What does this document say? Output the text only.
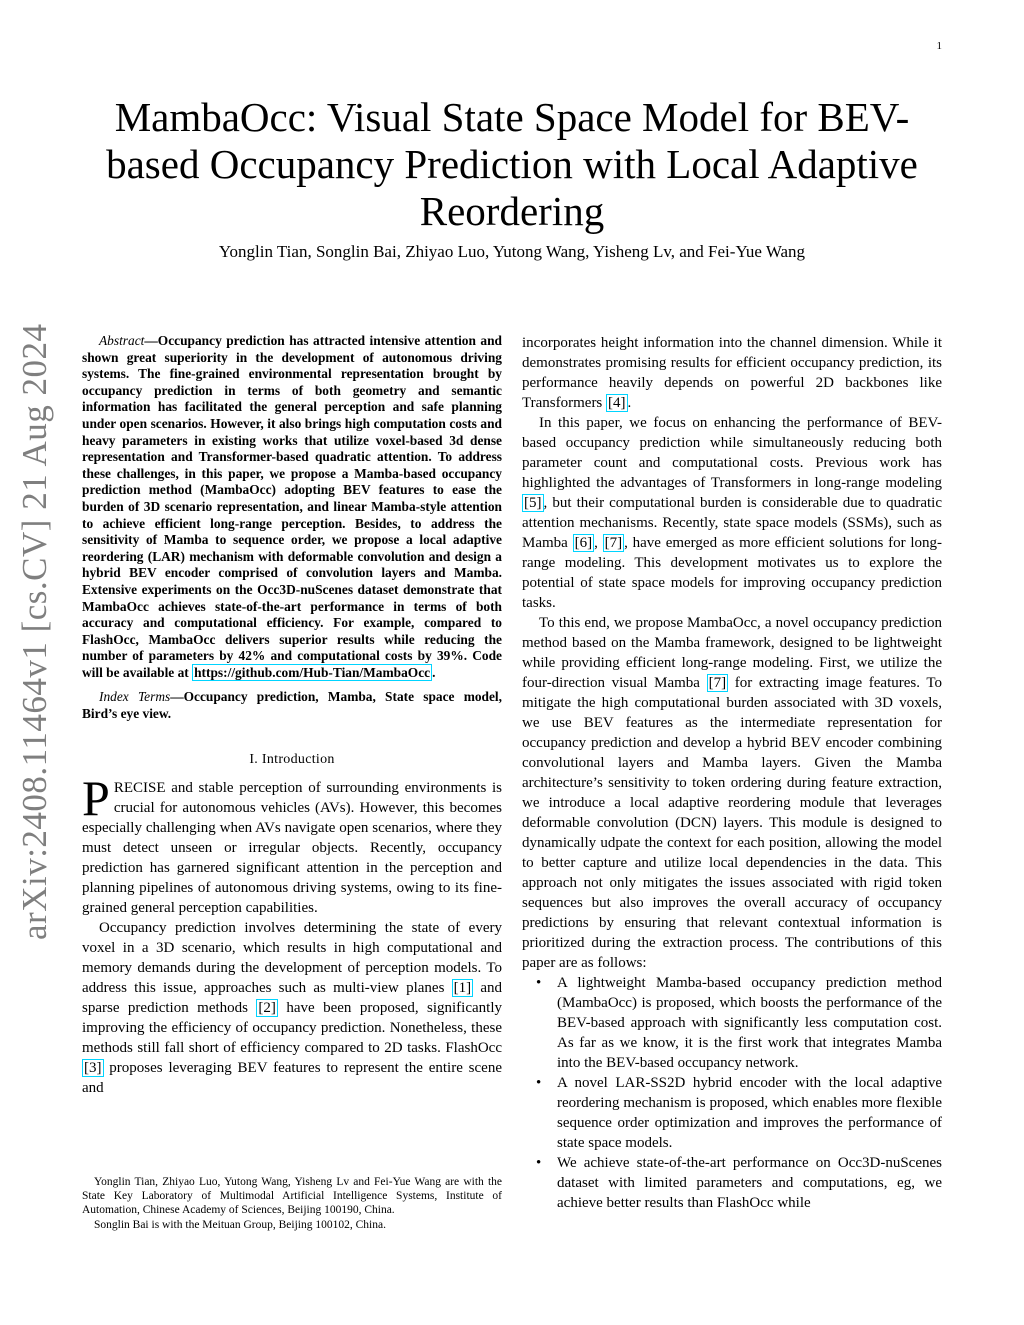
1
arXiv:2408.11464v1 [cs.CV] 21 Aug 2024
MambaOcc: Visual State Space Model for BEV-based Occupancy Prediction with Local Adaptive Reordering
Yonglin Tian, Songlin Bai, Zhiyao Luo, Yutong Wang, Yisheng Lv, and Fei-Yue Wang

Abstract—Occupancy prediction has attracted intensive attention and shown great superiority in the development of autonomous driving systems. The fine-grained environmental representation brought by occupancy prediction in terms of both geometry and semantic information has facilitated the general perception and safe planning under open scenarios. However, it also brings high computation costs and heavy parameters in existing works that utilize voxel-based 3d dense representation and Transformer-based quadratic attention. To address these challenges, in this paper, we propose a Mamba-based occupancy prediction method (MambaOcc) adopting BEV features to ease the burden of 3D scenario representation, and linear Mamba-style attention to achieve efficient long-range perception. Besides, to address the sensitivity of Mamba to sequence order, we propose a local adaptive reordering (LAR) mechanism with deformable convolution and design a hybrid BEV encoder comprised of convolution layers and Mamba. Extensive experiments on the Occ3D-nuScenes dataset demonstrate that MambaOcc achieves state-of-the-art performance in terms of both accuracy and computational efficiency. For example, compared to FlashOcc, MambaOcc delivers superior results while reducing the number of parameters by 42% and computational costs by 39%. Code will be available at https://github.com/Hub-Tian/MambaOcc .

Index Terms—Occupancy prediction, Mamba, State space model, Bird’s eye view.

I. Introduction

PRECISE and stable perception of surrounding environments is crucial for autonomous vehicles (AVs). However, this becomes especially challenging when AVs navigate open scenarios, where they must detect unseen or irregular objects. Recently, occupancy prediction has garnered significant attention in the perception and planning pipelines of autonomous driving systems, owing to its fine-grained general perception capabilities.

Occupancy prediction involves determining the state of every voxel in a 3D scenario, which results in high computational and memory demands during the development of perception models. To address this issue, approaches such as multi-view planes [1] and sparse prediction methods [2] have been proposed, significantly improving the efficiency of occupancy prediction. Nonetheless, these methods still fall short of efficiency compared to 2D tasks. FlashOcc [3] proposes leveraging BEV features to represent the entire scene and

incorporates height information into the channel dimension. While it demonstrates promising results for efficient occupancy prediction, its performance heavily depends on powerful 2D backbones like Transformers [4] .

In this paper, we focus on enhancing the performance of BEV-based occupancy prediction while simultaneously reducing both parameter count and computational costs. Previous work has highlighted the advantages of Transformers in long-range modeling [5] , but their computational burden is considerable due to quadratic attention mechanisms. Recently, state space models (SSMs), such as Mamba [6] , [7] , have emerged as more efficient solutions for long-range modeling. This development motivates us to explore the potential of state space models for improving occupancy prediction tasks.

To this end, we propose MambaOcc, a novel occupancy prediction method based on the Mamba framework, designed to be lightweight while providing efficient long-range modeling. First, we utilize the four-direction visual Mamba [7] for extracting image features. To mitigate the high computational burden associated with 3D voxels, we use BEV features as the intermediate representation for occupancy prediction and develop a hybrid BEV encoder combining convolutional layers and Mamba layers. Given the Mamba architecture’s sensitivity to token ordering during feature extraction, we introduce a local adaptive reordering module that leverages deformable convolution (DCN) layers. This module is designed to dynamically udpate the context for each position, allowing the model to better capture and utilize local dependencies in the data. This approach not only mitigates the issues associated with rigid token sequences but also improves the overall accuracy of occupancy predictions by ensuring that relevant contextual information is prioritized during the extraction process. The contributions of this paper are as follows:

• A lightweight Mamba-based occupancy prediction method (MambaOcc) is proposed, which boosts the performance of the BEV-based approach with significantly less computation cost. As far as we know, it is the first work that integrates Mamba into the BEV-based occupancy network.
• A novel LAR-SS2D hybrid encoder with the local adaptive reordering mechanism is proposed, which enables more flexible sequence order optimization and improves the performance of state space models.
• We achieve state-of-the-art performance on Occ3D-nuScenes dataset with limited parameters and computations, eg, we achieve better results than FlashOcc while

Yonglin Tian, Zhiyao Luo, Yutong Wang, Yisheng Lv and Fei-Yue Wang are with the State Key Laboratory of Multimodal Artificial Intelligence Systems, Institute of Automation, Chinese Academy of Sciences, Beijing 100190, China.

Songlin Bai is with the Meituan Group, Beijing 100102, China.
